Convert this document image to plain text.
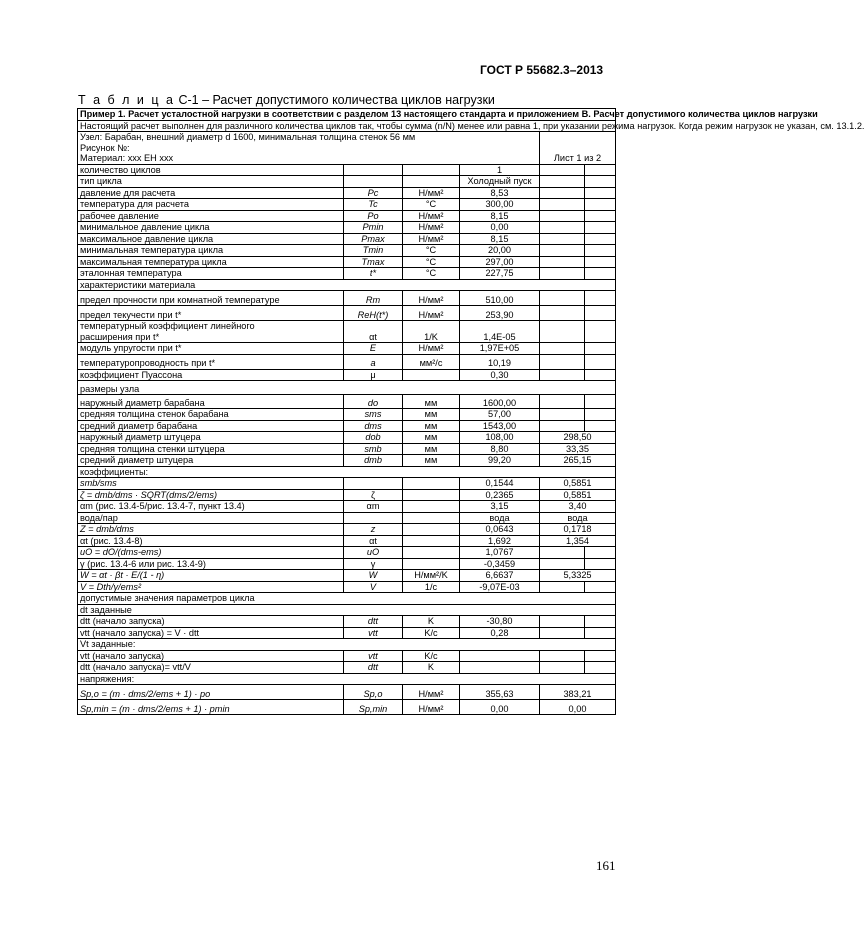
ГОСТ Р 55682.3–2013
Т а б л и ц а С-1 – Расчет допустимого количества циклов нагрузки
Пример 1. Расчет усталостной нагрузки в соответствии с разделом 13 настоящего стандарта и приложением В. Расчет допустимого количества циклов нагрузки					
Настоящий расчет выполнен для различного количества циклов так, чтобы сумма (n/N) менее или равна 1, при указании режима нагрузок. Когда режим нагрузок не указан, см. 13.1.2.					

Узел: Барабан, внешний диаметр d 1600, минимальная толщина стенок 56 мм
Рисунок №:
Материал: ххх ЕН ххх				Лист 1 из 2	
количество циклов			1		
тип цикла			Холодный пуск		
давление для расчета	Pc	Н/мм²	8,53		
температура для расчета	Tc	°С	300,00		
рабочее давление	Po	Н/мм²	8,15		
минимальное давление цикла	Pmin	Н/мм²	0,00		
максимальное давление цикла	Pmax	Н/мм²	8,15		
минимальная температура цикла	Tmin	°С	20,00		
максимальная температура цикла	Tmax	°С	297,00		
эталонная температура	t*	°С	227,75		
характеристики материала					
предел прочности при комнатной температуре	Rm	Н/мм²	510,00		
предел текучести при t*	ReH(t*)	Н/мм²	253,90		

температурный коэффициент линейного
расширения при t*	αt	1/K	1,4E-05		
модуль упругости при t*	E	Н/мм²	1,97E+05		
температуропроводность при t*	a	мм²/с	10,19		
коэффициент Пуассона	μ		0,30		
размеры узла					
наружный диаметр барабана	do	мм	1600,00		
средняя толщина стенок барабана	sms	мм	57,00		
средний диаметр барабана	dms	мм	1543,00		
наружный диаметр штуцера	dob	мм	108,00	298,50	
средняя толщина стенки штуцера	smb	мм	8,80	33,35	
средний диаметр штуцера	dmb	мм	99,20	265,15	
коэффициенты:					
smb/sms			0,1544	0,5851	
ζ = dmb/dms · SQRT(dms/2/ems)	ζ		0,2365	0,5851	
αm (рис. 13.4-5/рис. 13.4-7, пункт 13.4)	αm		3,15	3,40	
вода/пар			вода	вода	
Z = dmb/dms	z		0,0643	0,1718	
αt (рис. 13.4-8)	αt		1,692	1,354	
uO = dO/(dms-ems)	uO		1,0767		
γ (рис. 13.4-6 или рис. 13.4-9)	γ		-0,3459		
W = αt · βt · E/(1 - η)	W	Н/мм²/K	6,6637	5,3325	
V = Dth/γ/ems²	V	1/c	-9,07E-03		
допустимые значения параметров цикла					
dt заданные					
dtt (начало запуска)	dtt	K	-30,80		
vtt (начало запуска) = V · dtt	vtt	K/c	0,28		
Vt заданные:					
vtt (начало запуска)	vtt	K/c			
dtt (начало запуска)= vtt/V	dtt	K			
напряжения:					
Sp,o = (m · dms/2/ems + 1) · po	Sp,o	Н/мм²	355,63	383,21	
Sp,min = (m · dms/2/ems + 1) · pmin	Sp,min	Н/мм²	0,00	0,00	
161
